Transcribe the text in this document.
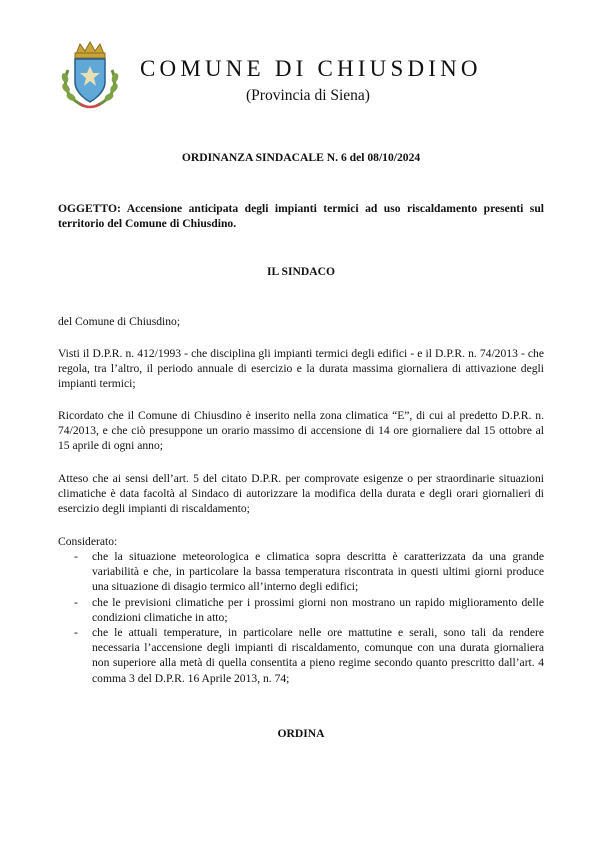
COMUNE DI CHIUSDINO
(Provincia di Siena)
ORDINANZA SINDACALE N. 6 del 08/10/2024
OGGETTO: Accensione anticipata degli impianti termici ad uso riscaldamento presenti sul territorio del Comune di Chiusdino.
IL SINDACO
del Comune di Chiusdino;
Visti il D.P.R. n. 412/1993 - che disciplina gli impianti termici degli edifici - e il D.P.R. n. 74/2013 - che regola, tra l’altro, il periodo annuale di esercizio e la durata massima giornaliera di attivazione degli impianti termici;
Ricordato che il Comune di Chiusdino è inserito nella zona climatica “E”, di cui al predetto D.P.R. n. 74/2013, e che ciò presuppone un orario massimo di accensione di 14 ore giornaliere dal 15 ottobre al 15 aprile di ogni anno;
Atteso che ai sensi dell’art. 5 del citato D.P.R. per comprovate esigenze o per straordinarie situazioni climatiche è data facoltà al Sindaco di autorizzare la modifica della durata e degli orari giornalieri di esercizio degli impianti di riscaldamento;
Considerato:
- che la situazione meteorologica e climatica sopra descritta è caratterizzata da una grande variabilità e che, in particolare la bassa temperatura riscontrata in questi ultimi giorni produce una situazione di disagio termico all’interno degli edifici;
- che le previsioni climatiche per i prossimi giorni non mostrano un rapido miglioramento delle condizioni climatiche in atto;
- che le attuali temperature, in particolare nelle ore mattutine e serali, sono tali da rendere necessaria l’accensione degli impianti di riscaldamento, comunque con una durata giornaliera non superiore alla metà di quella consentita a pieno regime secondo quanto prescritto dall’art. 4 comma 3 del D.P.R. 16 Aprile 2013, n. 74;
ORDINA
